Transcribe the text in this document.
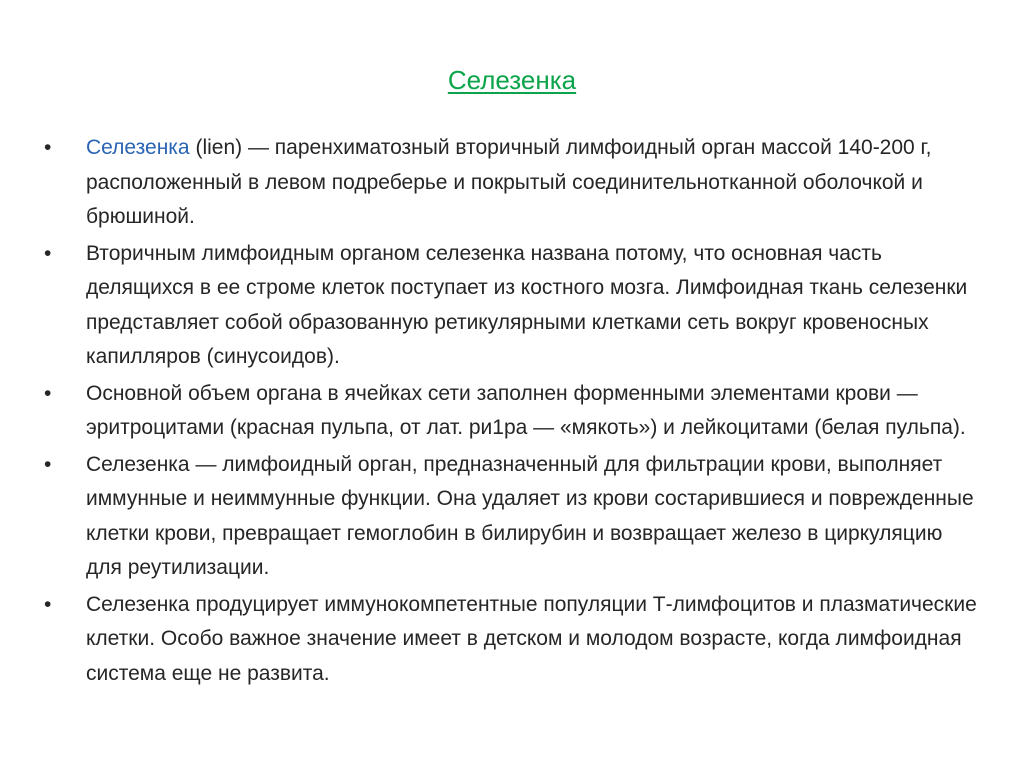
Селезенка
• Селезенка (lien) — паренхиматозный вторичный лимфоидный орган массой 140-200 г, расположенный в левом подреберье и покрытый соединительнотканной оболочкой и брюшиной.
• Вторичным лимфоидным органом селезенка названа потому, что основная часть делящихся в ее строме клеток поступает из костного мозга. Лимфоидная ткань селезенки представляет собой образованную ретикулярными клетками сеть вокруг кровеносных капилляров (синусоидов).
• Основной объем органа в ячейках сети заполнен форменными элементами крови — эритроцитами (красная пульпа, от лат. ри1ра — «мякоть») и лейкоцитами (белая пульпа).
• Селезенка — лимфоидный орган, предназначенный для фильтрации крови, выполняет иммунные и неиммунные функции. Она удаляет из крови состарившиеся и поврежденные клетки крови, превращает гемоглобин в билирубин и возвращает железо в циркуляцию для реутилизации.
• Селезенка продуцирует иммунокомпетентные популяции Т-лимфоцитов и плазматические клетки. Особо важное значение имеет в детском и молодом возрасте, когда лимфоидная система еще не развита.
